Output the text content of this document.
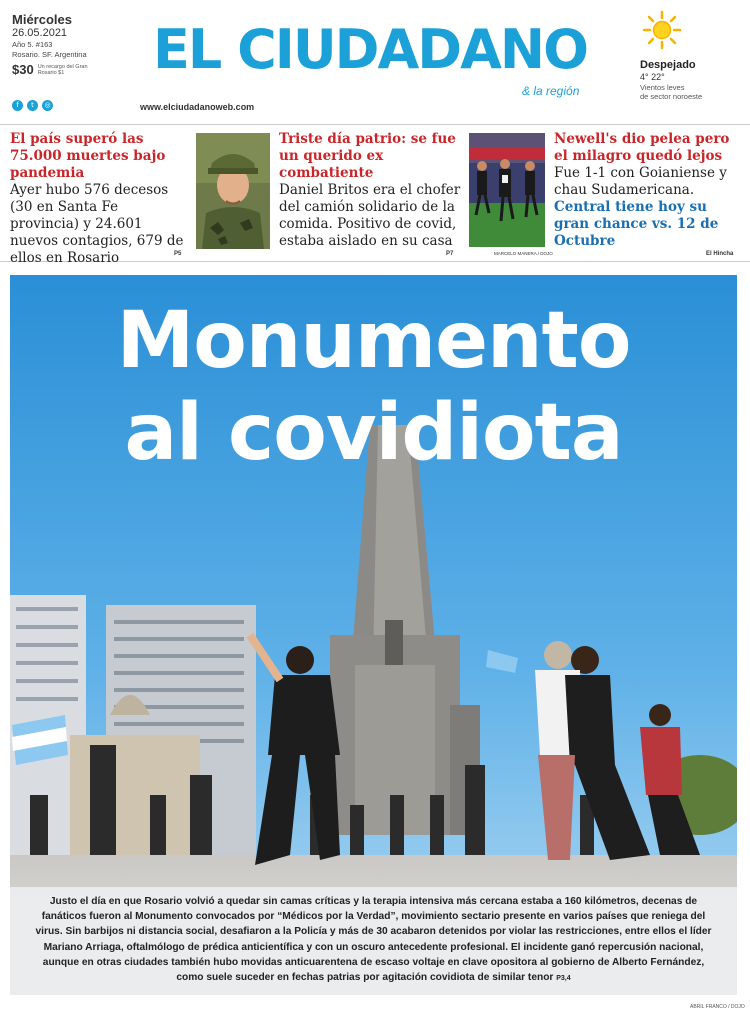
Miércoles
26.05.2021
Año 5. #163
Rosario. SF. Argentina
$30 Un recargo del Gran Rosario $1
f	t	◎
EL CIUDADANO
& la región
www.elciudadanoweb.com
Despejado
4° 22°
Vientos leves
de sector noroeste
El país superó las 75.000 muertes bajo pandemia
Ayer hubo 576 decesos (30 en Santa Fe provincia) y 24.601 nuevos contagios, 679 de ellos en Rosario	P5
Triste día patrio: se fue un querido ex combatiente
Daniel Britos era el chofer del camión solidario de la comida. Positivo de covid, estaba aislado en su casa
P7	MARCELO MANERA / DOJO
Newell's dio pelea pero el milagro quedó lejos
Fue 1-1 con Goianiense y chau Sudamericana.
Central tiene hoy su gran chance vs. 12 de Octubre
El Hincha
Monumento
al covidiota
Justo el día en que Rosario volvió a quedar sin camas críticas y la terapia intensiva más cercana estaba a 160 kilómetros, decenas de fanáticos fueron al Monumento convocados por “Médicos por la Verdad”, movimiento sectario presente en varios países que reniega del virus. Sin barbijos ni distancia social, desafiaron a la Policía y más de 30 acabaron detenidos por violar las restricciones, entre ellos el líder Mariano Arriaga, oftalmólogo de prédica anticientífica y con un oscuro antecedente profesional. El incidente ganó repercusión nacional, aunque en otras ciudades también hubo movidas anticuarentena de escaso voltaje en clave opositora al gobierno de Alberto Fernández, como suele suceder en fechas patrias por agitación covidiota de similar tenor P3,4
ABRIL FRANCO / DOJO
